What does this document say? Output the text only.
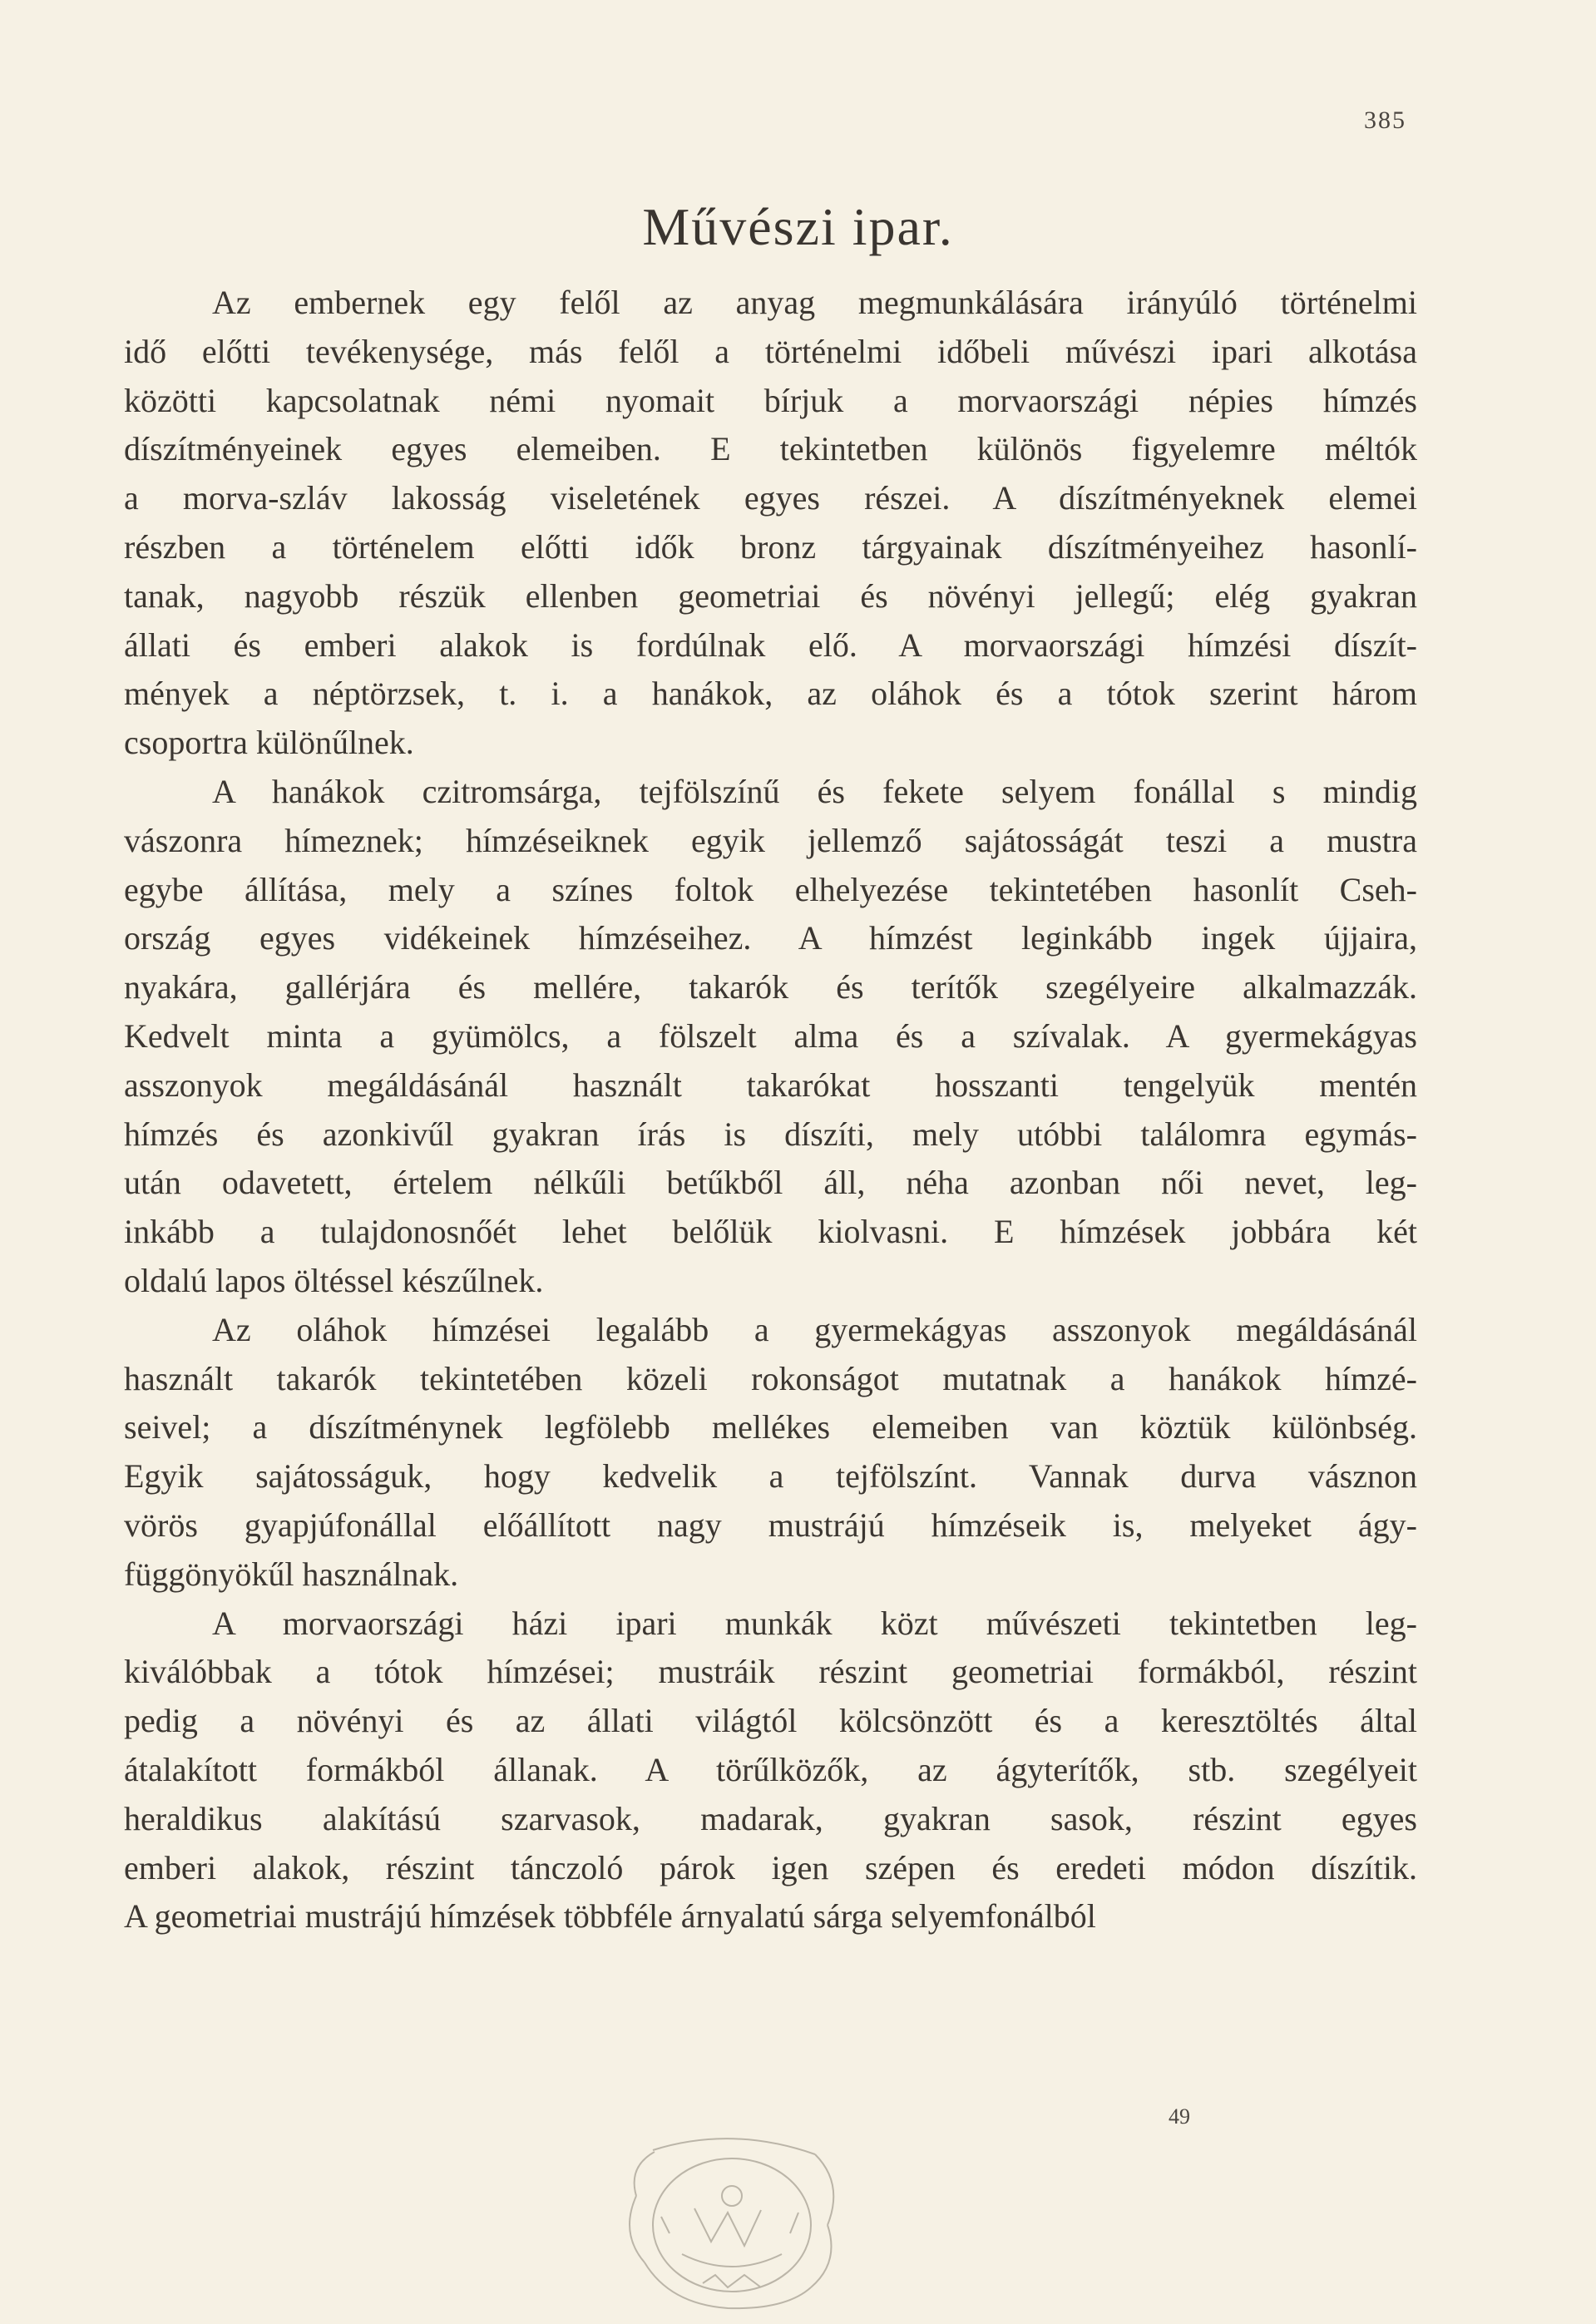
385
Művészi ipar.
Az embernek egy felől az anyag megmunkálására irányúló történelmi
idő előtti tevékenysége, más felől a történelmi időbeli művészi ipari alkotása
közötti kapcsolatnak némi nyomait bírjuk a morvaországi népies hímzés
díszítményeinek egyes elemeiben. E tekintetben különös figyelemre méltók
a morva-szláv lakosság viseletének egyes részei. A díszítményeknek elemei
részben a történelem előtti idők bronz tárgyainak díszítményeihez hasonlí-
tanak, nagyobb részük ellenben geometriai és növényi jellegű; elég gyakran
állati és emberi alakok is fordúlnak elő. A morvaországi hímzési díszít-
mények a néptörzsek, t. i. a hanákok, az oláhok és a tótok szerint három
csoportra különűlnek.
A hanákok czitromsárga, tejfölszínű és fekete selyem fonállal s mindig
vászonra hímeznek; hímzéseiknek egyik jellemző sajátosságát teszi a mustra
egybe állítása, mely a színes foltok elhelyezése tekintetében hasonlít Cseh-
ország egyes vidékeinek hímzéseihez. A hímzést leginkább ingek újjaira,
nyakára, gallérjára és mellére, takarók és terítők szegélyeire alkalmazzák.
Kedvelt minta a gyümölcs, a fölszelt alma és a szívalak. A gyermekágyas
asszonyok megáldásánál használt takarókat hosszanti tengelyük mentén
hímzés és azonkivűl gyakran írás is díszíti, mely utóbbi találomra egymás-
után odavetett, értelem nélkűli betűkből áll, néha azonban női nevet, leg-
inkább a tulajdonosnőét lehet belőlük kiolvasni. E hímzések jobbára két
oldalú lapos öltéssel készűlnek.
Az oláhok hímzései legalább a gyermekágyas asszonyok megáldásánál
használt takarók tekintetében közeli rokonságot mutatnak a hanákok hímzé-
seivel; a díszítménynek legfölebb mellékes elemeiben van köztük különbség.
Egyik sajátosságuk, hogy kedvelik a tejfölszínt. Vannak durva vásznon
vörös gyapjúfonállal előállított nagy mustrájú hímzéseik is, melyeket ágy-
függönyökűl használnak.
A morvaországi házi ipari munkák közt művészeti tekintetben leg-
kiválóbbak a tótok hímzései; mustráik részint geometriai formákból, részint
pedig a növényi és az állati világtól kölcsönzött és a keresztöltés által
átalakított formákból állanak. A törűlközők, az ágyterítők, stb. szegélyeit
heraldikus alakítású szarvasok, madarak, gyakran sasok, részint egyes
emberi alakok, részint tánczoló párok igen szépen és eredeti módon díszítik.
A geometriai mustrájú hímzések többféle árnyalatú sárga selyemfonálból
49
